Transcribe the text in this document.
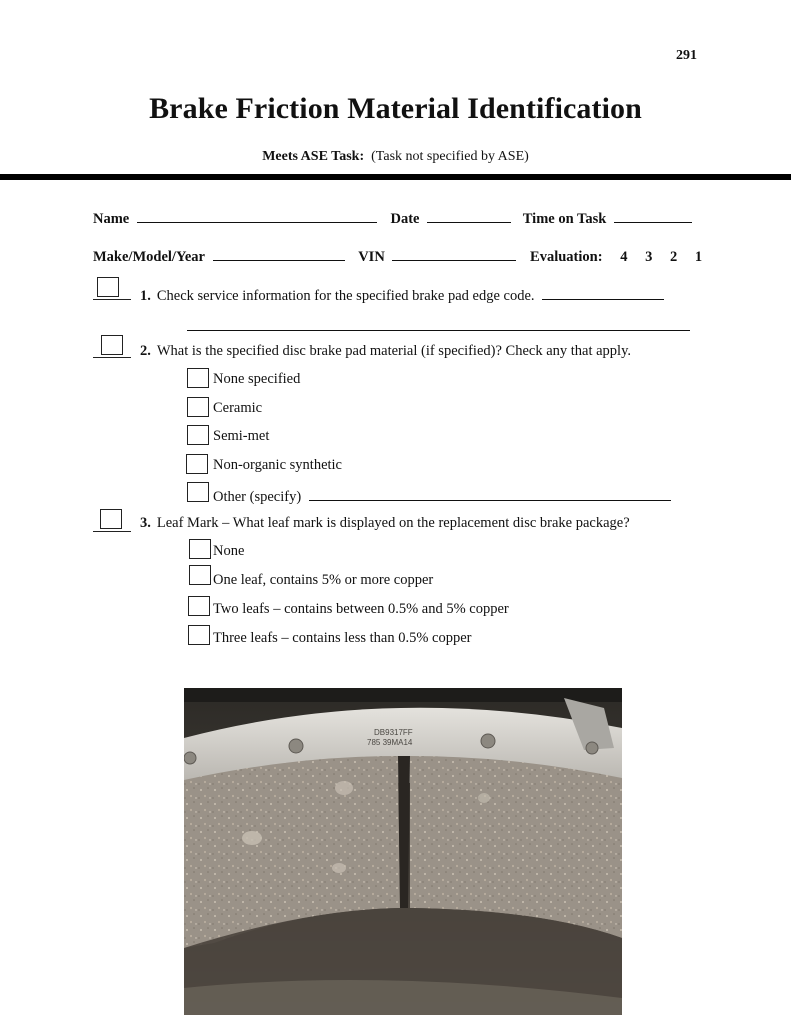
291
Brake Friction Material Identification
Meets ASE Task: (Task not specified by ASE)
Name	Date	Time on Task
Make/Model/Year	VIN	Evaluation: 4 3 2 1
1. Check service information for the specified brake pad edge code.
2. What is the specified disc brake pad material (if specified)? Check any that apply.
None specified
Ceramic
Semi-met
Non-organic synthetic
Other (specify)
3. Leaf Mark – What leaf mark is displayed on the replacement disc brake package?
None
One leaf, contains 5% or more copper
Two leafs – contains between 0.5% and 5% copper
Three leafs – contains less than 0.5% copper
DB9317FF
785 39MA14
